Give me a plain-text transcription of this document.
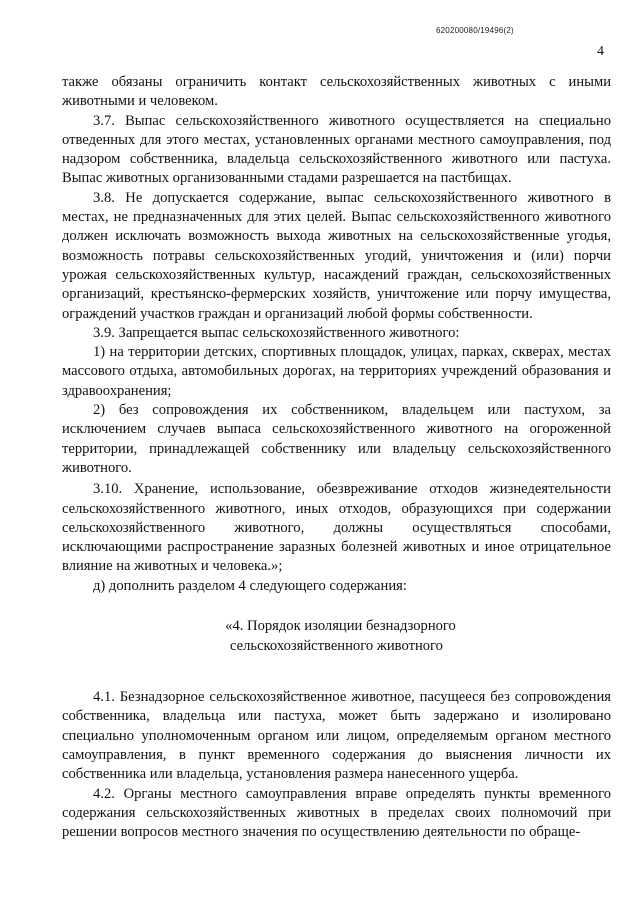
620200080/19496(2)
4

также обязаны ограничить контакт сельскохозяйственных животных с иными животными и человеком.

3.7. Выпас сельскохозяйственного животного осуществляется на специально отведенных для этого местах, установленных органами местного самоуправления, под надзором собственника, владельца сельскохозяйственного животного или пастуха. Выпас животных организованными стадами разрешается на пастбищах.

3.8. Не допускается содержание, выпас сельскохозяйственного животного в местах, не предназначенных для этих целей. Выпас сельскохозяйственного животного должен исключать возможность выхода животных на сельскохозяйственные угодья, возможность потравы сельскохозяйственных угодий, уничтожения и (или) порчи урожая сельскохозяйственных культур, насаждений граждан, сельскохозяйственных организаций, крестьянско-фермерских хозяйств, уничтожение или порчу имущества, ограждений участков граждан и организаций любой формы собственности.

3.9. Запрещается выпас сельскохозяйственного животного:

1) на территории детских, спортивных площадок, улицах, парках, скверах, местах массового отдыха, автомобильных дорогах, на территориях учреждений образования и здравоохранения;

2) без сопровождения их собственником, владельцем или пастухом, за исключением случаев выпаса сельскохозяйственного животного на огороженной территории, принадлежащей собственнику или владельцу сельскохозяйственного животного.

3.10. Хранение, использование, обезвреживание отходов жизнедеятельности сельскохозяйственного животного, иных отходов, образующихся при содержании сельскохозяйственного животного, должны осуществляться способами, исключающими распространение заразных болезней животных и иное отрицательное влияние на животных и человека.»;

д) дополнить разделом 4 следующего содержания:

«4. Порядок изоляции безнадзорного
сельскохозяйственного животного

4.1. Безнадзорное сельскохозяйственное животное, пасущееся без сопровождения собственника, владельца или пастуха, может быть задержано и изолировано специально уполномоченным органом или лицом, определяемым органом местного самоуправления, в пункт временного содержания до выяснения личности их собственника или владельца, установления размера нанесенного ущерба.

4.2. Органы местного самоуправления вправе определять пункты временного содержания сельскохозяйственных животных в пределах своих полномочий при решении вопросов местного значения по осуществлению деятельности по обраще-
